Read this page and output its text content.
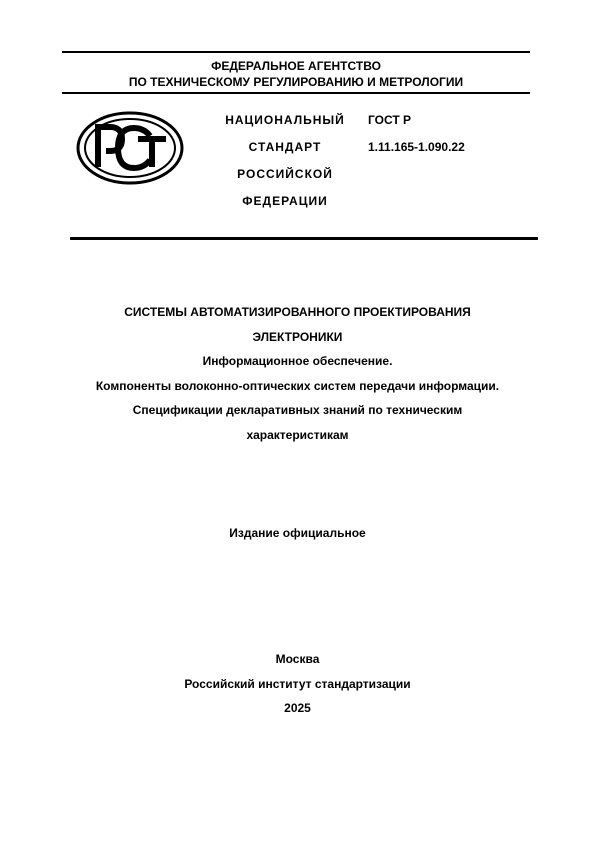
ФЕДЕРАЛЬНОЕ АГЕНТСТВО
ПО ТЕХНИЧЕСКОМУ РЕГУЛИРОВАНИЮ И МЕТРОЛОГИИ
НАЦИОНАЛЬНЫЙ
СТАНДАРТ
РОССИЙСКОЙ
ФЕДЕРАЦИИ
ГОСТ Р
1.11.165-1.090.22
СИСТЕМЫ АВТОМАТИЗИРОВАННОГО ПРОЕКТИРОВАНИЯ
ЭЛЕКТРОНИКИ
Информационное обеспечение.
Компоненты волоконно-оптических систем передачи информации.
Спецификации декларативных знаний по техническим
характеристикам
Издание официальное
Москва
Российский институт стандартизации
2025
